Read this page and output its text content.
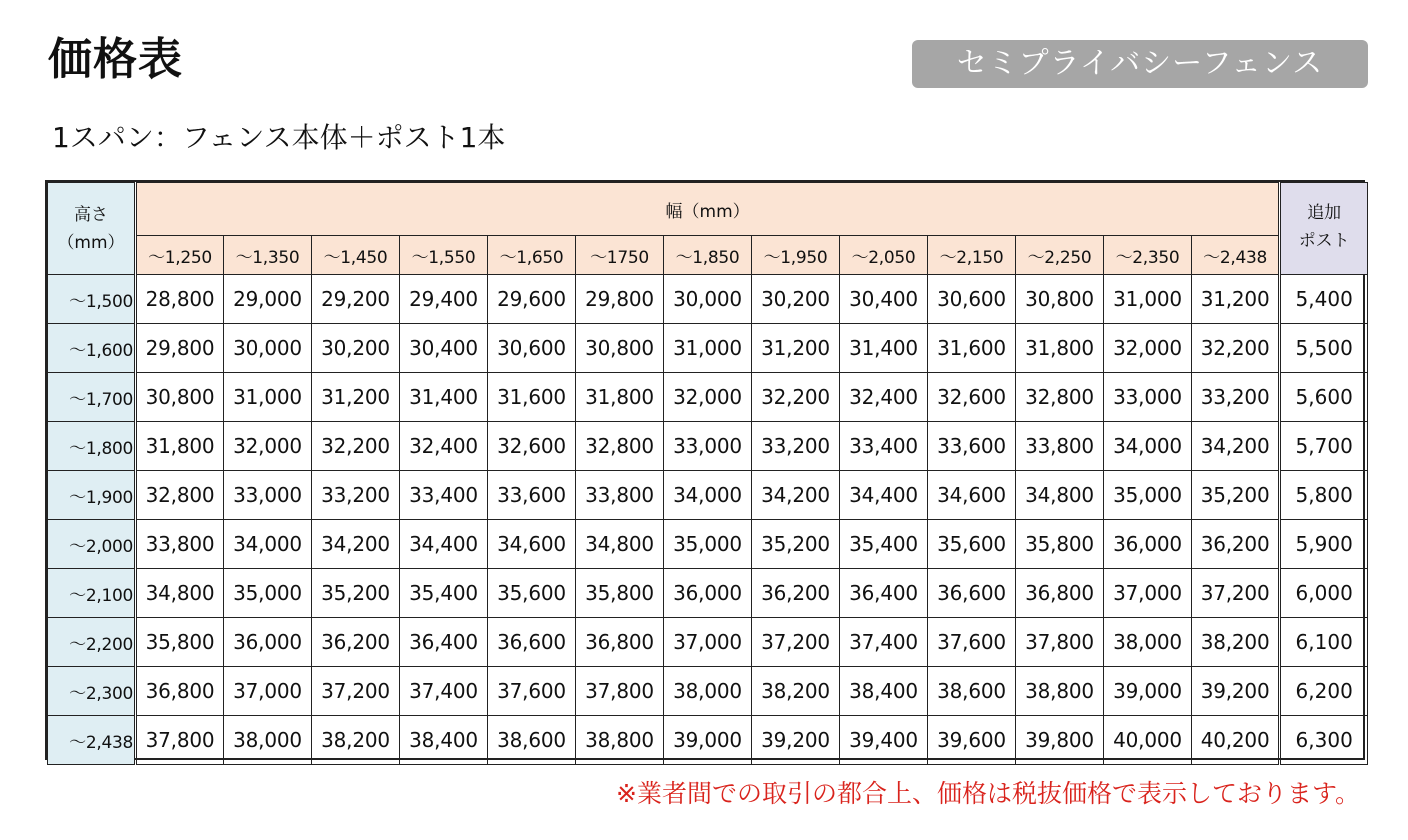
価格表	セミプライバシーフェンス
1スパン：フェンス本体＋ポスト1本
高さ
（mm）	幅（mm）													追加
ポスト
	～1,250	～1,350	～1,450	～1,550	～1,650	～1750	～1,850	～1,950	～2,050	～2,150	～2,250	～2,350	～2,438	
～1,500	28,800	29,000	29,200	29,400	29,600	29,800	30,000	30,200	30,400	30,600	30,800	31,000	31,200	5,400
～1,600	29,800	30,000	30,200	30,400	30,600	30,800	31,000	31,200	31,400	31,600	31,800	32,000	32,200	5,500
～1,700	30,800	31,000	31,200	31,400	31,600	31,800	32,000	32,200	32,400	32,600	32,800	33,000	33,200	5,600
～1,800	31,800	32,000	32,200	32,400	32,600	32,800	33,000	33,200	33,400	33,600	33,800	34,000	34,200	5,700
～1,900	32,800	33,000	33,200	33,400	33,600	33,800	34,000	34,200	34,400	34,600	34,800	35,000	35,200	5,800
～2,000	33,800	34,000	34,200	34,400	34,600	34,800	35,000	35,200	35,400	35,600	35,800	36,000	36,200	5,900
～2,100	34,800	35,000	35,200	35,400	35,600	35,800	36,000	36,200	36,400	36,600	36,800	37,000	37,200	6,000
～2,200	35,800	36,000	36,200	36,400	36,600	36,800	37,000	37,200	37,400	37,600	37,800	38,000	38,200	6,100
～2,300	36,800	37,000	37,200	37,400	37,600	37,800	38,000	38,200	38,400	38,600	38,800	39,000	39,200	6,200
～2,438	37,800	38,000	38,200	38,400	38,600	38,800	39,000	39,200	39,400	39,600	39,800	40,000	40,200	6,300
※業者間での取引の都合上、価格は税抜価格で表示しております。
